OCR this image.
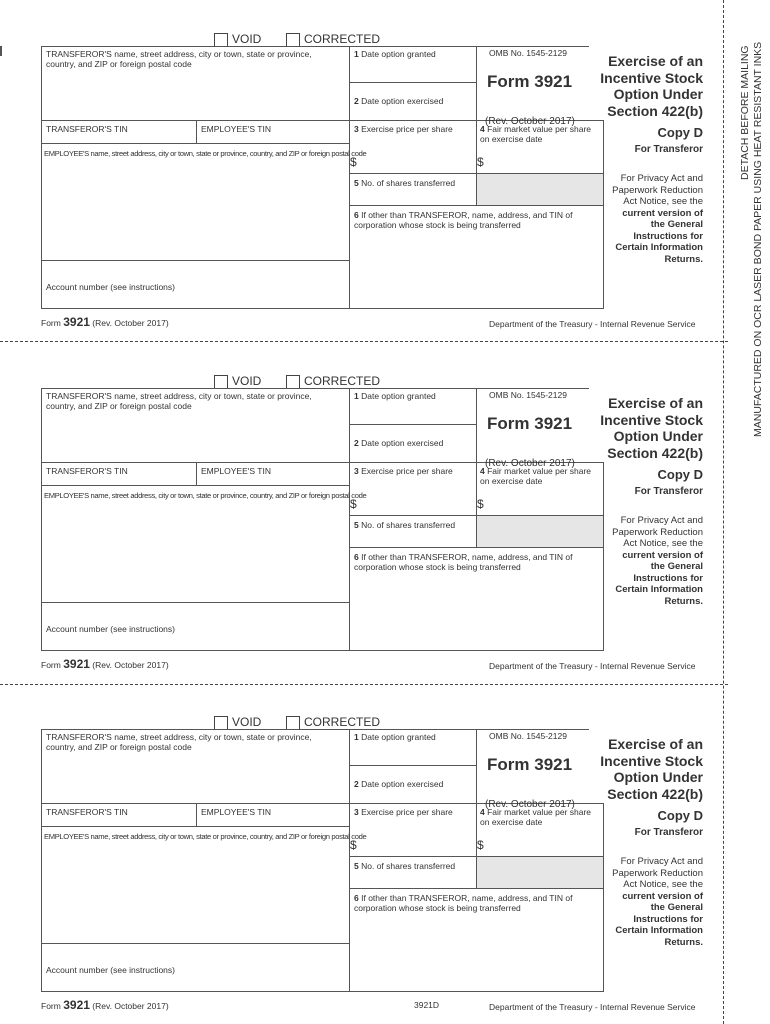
VOID	CORRECTED
TRANSFEROR'S name, street address, city or town, state or province, country, and ZIP or foreign postal code
1 Date option granted	OMB No. 1545-2129
Form 3921
2 Date option exercised
(Rev. October 2017)
TRANSFEROR'S TIN	EMPLOYEE'S TIN	3 Exercise price per share	4 Fair market value per share on exercise date
EMPLOYEE'S name, street address, city or town, state or province, country, and ZIP or foreign postal code
$	$
5 No. of shares transferred
6 If other than TRANSFEROR, name, address, and TIN of corporation whose stock is being transferred
Account number (see instructions)
Exercise of an Incentive Stock Option Under Section 422(b)
Copy D
For Transferor
For Privacy Act and Paperwork Reduction Act Notice, see the current version of the General Instructions for Certain Information Returns.
Form 3921 (Rev. October 2017)	Department of the Treasury - Internal Revenue Service
VOID	CORRECTED
TRANSFEROR'S name, street address, city or town, state or province, country, and ZIP or foreign postal code
1 Date option granted	OMB No. 1545-2129
Form 3921
2 Date option exercised
(Rev. October 2017)
TRANSFEROR'S TIN	EMPLOYEE'S TIN	3 Exercise price per share	4 Fair market value per share on exercise date
EMPLOYEE'S name, street address, city or town, state or province, country, and ZIP or foreign postal code
$	$
5 No. of shares transferred
6 If other than TRANSFEROR, name, address, and TIN of corporation whose stock is being transferred
Account number (see instructions)
Exercise of an Incentive Stock Option Under Section 422(b)
Copy D
For Transferor
For Privacy Act and Paperwork Reduction Act Notice, see the current version of the General Instructions for Certain Information Returns.
Form 3921 (Rev. October 2017)	Department of the Treasury - Internal Revenue Service
VOID	CORRECTED
TRANSFEROR'S name, street address, city or town, state or province, country, and ZIP or foreign postal code
1 Date option granted	OMB No. 1545-2129
Form 3921
2 Date option exercised
(Rev. October 2017)
TRANSFEROR'S TIN	EMPLOYEE'S TIN	3 Exercise price per share	4 Fair market value per share on exercise date
EMPLOYEE'S name, street address, city or town, state or province, country, and ZIP or foreign postal code
$	$
5 No. of shares transferred
6 If other than TRANSFEROR, name, address, and TIN of corporation whose stock is being transferred
Account number (see instructions)
Exercise of an Incentive Stock Option Under Section 422(b)
Copy D
For Transferor
For Privacy Act and Paperwork Reduction Act Notice, see the current version of the General Instructions for Certain Information Returns.
Form 3921 (Rev. October 2017)	Department of the Treasury - Internal Revenue Service
DETACH BEFORE MAILING MANUFACTURED ON OCR LASER BOND PAPER USING HEAT RESISTANT INKS
3921D
